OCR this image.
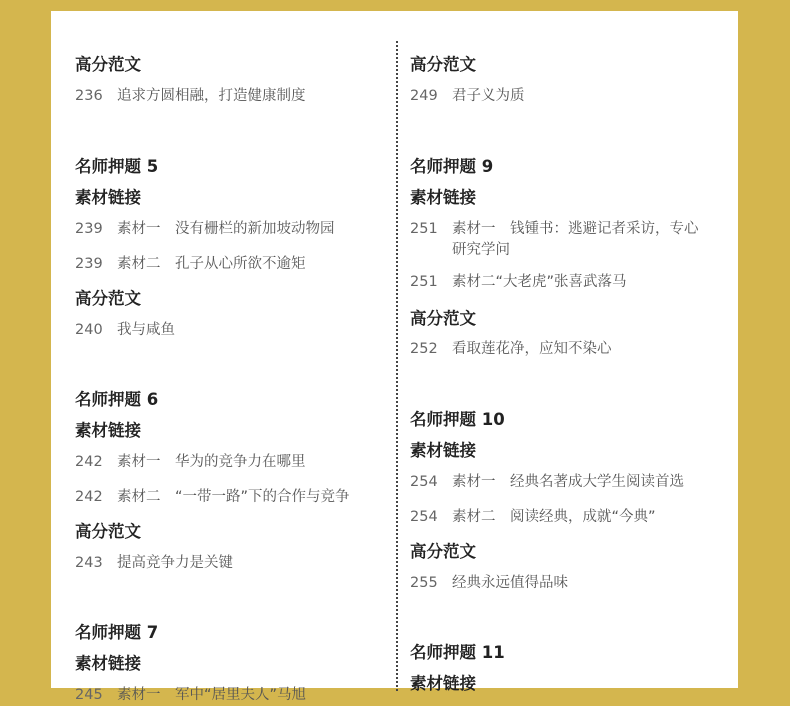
高分范文
236 追求方圆相融，打造健康制度
名师押题 5
素材链接
239 素材一　没有栅栏的新加坡动物园
239 素材二　孔子从心所欲不逾矩
高分范文
240 我与咸鱼
名师押题 6
素材链接
242 素材一　华为的竞争力在哪里
242 素材二　“一带一路”下的合作与竞争
高分范文
243 提高竞争力是关键
名师押题 7
素材链接
245 素材一　军中“居里夫人”马旭
高分范文
249 君子义为质
名师押题 9
素材链接
251 素材一　钱锺书：逃避记者采访，专心研究学问
251 素材二“大老虎”张喜武落马
高分范文
252 看取莲花净，应知不染心
名师押题 10
素材链接
254 素材一　经典名著成大学生阅读首选
254 素材二　阅读经典，成就“今典”
高分范文
255 经典永远值得品味
名师押题 11
素材链接
